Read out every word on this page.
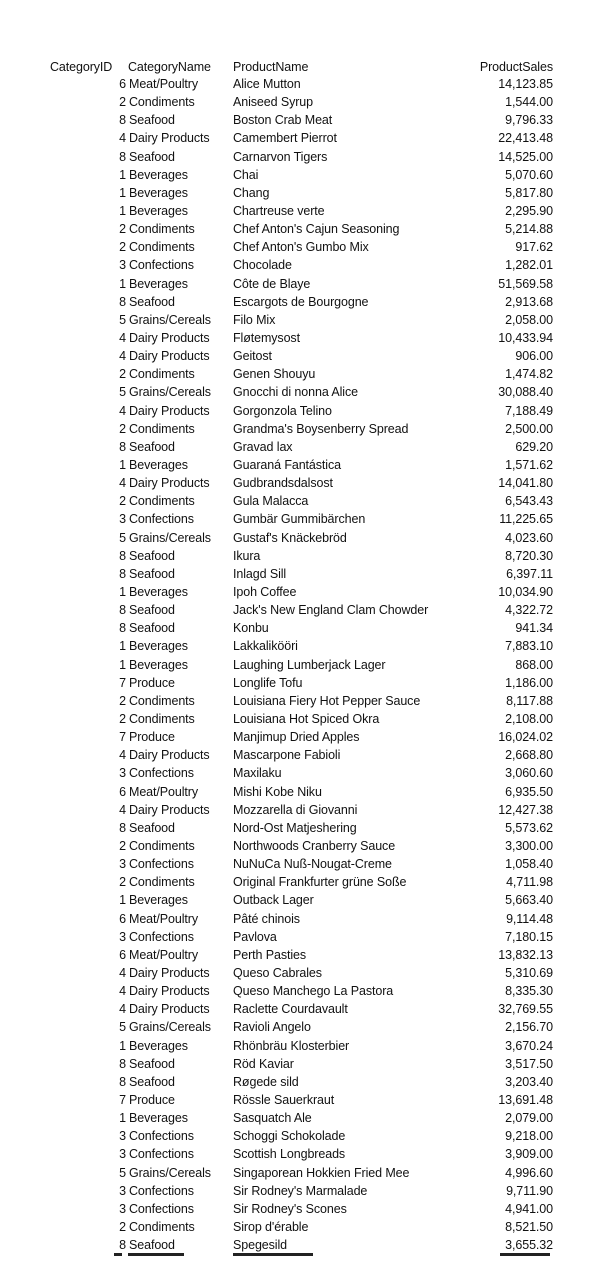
CategoryID	CategoryName	ProductName	ProductSales	
6	Meat/Poultry	Alice Mutton	14,123.85	
2	Condiments	Aniseed Syrup	1,544.00	
8	Seafood	Boston Crab Meat	9,796.33	
4	Dairy Products	Camembert Pierrot	22,413.48	
8	Seafood	Carnarvon Tigers	14,525.00	
1	Beverages	Chai	5,070.60	
1	Beverages	Chang	5,817.80	
1	Beverages	Chartreuse verte	2,295.90	
2	Condiments	Chef Anton's Cajun Seasoning	5,214.88	
2	Condiments	Chef Anton's Gumbo Mix	917.62	
3	Confections	Chocolade	1,282.01	
1	Beverages	Côte de Blaye	51,569.58	
8	Seafood	Escargots de Bourgogne	2,913.68	
5	Grains/Cereals	Filo Mix	2,058.00	
4	Dairy Products	Fløtemysost	10,433.94	
4	Dairy Products	Geitost	906.00	
2	Condiments	Genen Shouyu	1,474.82	
5	Grains/Cereals	Gnocchi di nonna Alice	30,088.40	
4	Dairy Products	Gorgonzola Telino	7,188.49	
2	Condiments	Grandma's Boysenberry Spread	2,500.00	
8	Seafood	Gravad lax	629.20	
1	Beverages	Guaraná Fantástica	1,571.62	
4	Dairy Products	Gudbrandsdalsost	14,041.80	
2	Condiments	Gula Malacca	6,543.43	
3	Confections	Gumbär Gummibärchen	11,225.65	
5	Grains/Cereals	Gustaf's Knäckebröd	4,023.60	
8	Seafood	Ikura	8,720.30	
8	Seafood	Inlagd Sill	6,397.11	
1	Beverages	Ipoh Coffee	10,034.90	
8	Seafood	Jack's New England Clam Chowder	4,322.72	
8	Seafood	Konbu	941.34	
1	Beverages	Lakkalikööri	7,883.10	
1	Beverages	Laughing Lumberjack Lager	868.00	
7	Produce	Longlife Tofu	1,186.00	
2	Condiments	Louisiana Fiery Hot Pepper Sauce	8,117.88	
2	Condiments	Louisiana Hot Spiced Okra	2,108.00	
7	Produce	Manjimup Dried Apples	16,024.02	
4	Dairy Products	Mascarpone Fabioli	2,668.80	
3	Confections	Maxilaku	3,060.60	
6	Meat/Poultry	Mishi Kobe Niku	6,935.50	
4	Dairy Products	Mozzarella di Giovanni	12,427.38	
8	Seafood	Nord-Ost Matjeshering	5,573.62	
2	Condiments	Northwoods Cranberry Sauce	3,300.00	
3	Confections	NuNuCa Nuß-Nougat-Creme	1,058.40	
2	Condiments	Original Frankfurter grüne Soße	4,711.98	
1	Beverages	Outback Lager	5,663.40	
6	Meat/Poultry	Pâté chinois	9,114.48	
3	Confections	Pavlova	7,180.15	
6	Meat/Poultry	Perth Pasties	13,832.13	
4	Dairy Products	Queso Cabrales	5,310.69	
4	Dairy Products	Queso Manchego La Pastora	8,335.30	
4	Dairy Products	Raclette Courdavault	32,769.55	
5	Grains/Cereals	Ravioli Angelo	2,156.70	
1	Beverages	Rhönbräu Klosterbier	3,670.24	
8	Seafood	Röd Kaviar	3,517.50	
8	Seafood	Røgede sild	3,203.40	
7	Produce	Rössle Sauerkraut	13,691.48	
1	Beverages	Sasquatch Ale	2,079.00	
3	Confections	Schoggi Schokolade	9,218.00	
3	Confections	Scottish Longbreads	3,909.00	
5	Grains/Cereals	Singaporean Hokkien Fried Mee	4,996.60	
3	Confections	Sir Rodney's Marmalade	9,711.90	
3	Confections	Sir Rodney's Scones	4,941.00	
2	Condiments	Sirop d'érable	8,521.50	
8	Seafood	Spegesild	3,655.32	
